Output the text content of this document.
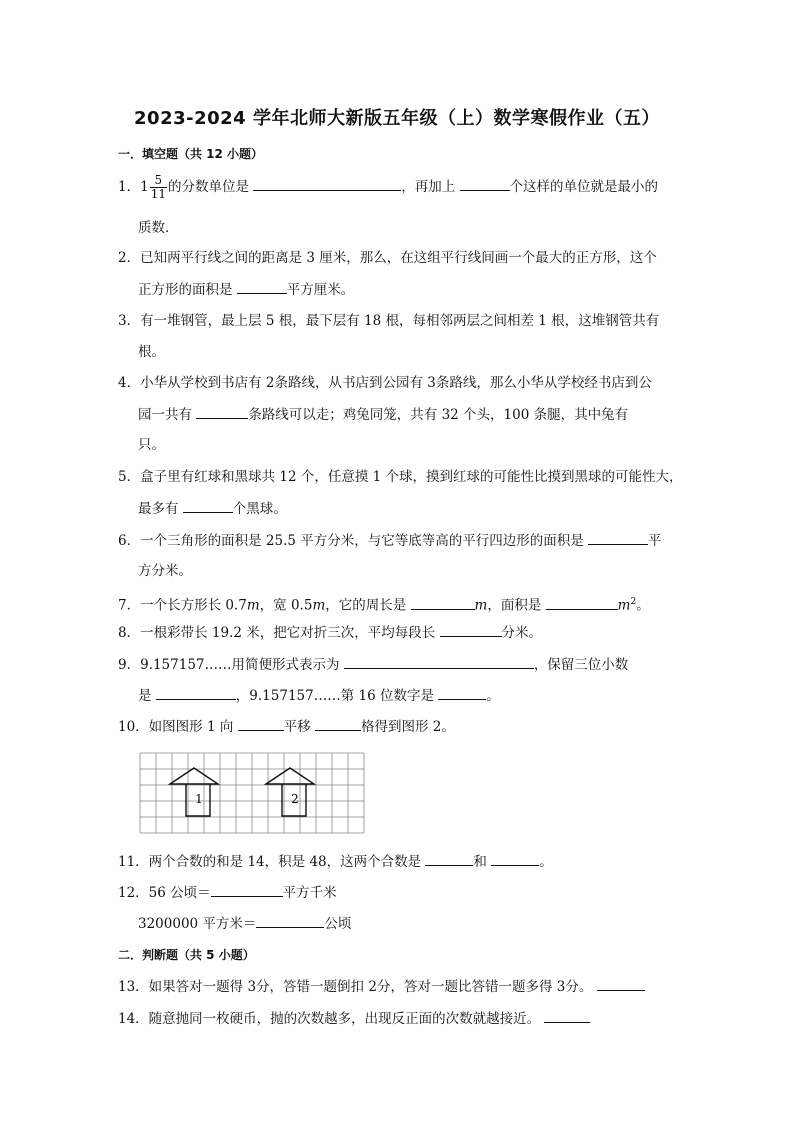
2023-2024 学年北师大新版五年级（上）数学寒假作业（五）
一．填空题（共 12 小题）
1．$1 \frac{5}{11}$ 的分数单位是	，再加上	个这样的单位就是最小的
质数．
2．已知两平行线之间的距离是 3 厘米，那么，在这组平行线间画一个最大的正方形，这个
正方形的面积是	平方厘米。
3．有一堆钢管，最上层 5 根，最下层有 18 根，每相邻两层之间相差 1 根，这堆钢管共有
根。
4．小华从学校到书店有 2条路线，从书店到公园有 3条路线，那么小华从学校经书店到公
园一共有	条路线可以走；鸡兔同笼，共有 32 个头，100 条腿，其中兔有
只。
5．盒子里有红球和黑球共 12 个，任意摸 1 个球，摸到红球的可能性比摸到黑球的可能性大，
最多有	个黑球。
6．一个三角形的面积是 25.5 平方分米，与它等底等高的平行四边形的面积是	平
方分米。
7．一个长方形长 0.7m，宽 0.5m，它的周长是	m，面积是	$m^2$。
8．一根彩带长 19.2 米，把它对折三次，平均每段长	分米。
9．9.157157……用简便形式表示为	，保留三位小数
是	，9.157157……第 16 位数字是	。
10．如图图形 1 向	平移	格得到图形 2。
1	2
11．两个合数的和是 14，积是 48，这两个合数是	和	。
12．56 公顷＝	平方千米
3200000 平方米＝	公顷
二．判断题（共 5 小题）
13．如果答对一题得 3分，答错一题倒扣 2分，答对一题比答错一题多得 3分。
14．随意抛同一枚硬币，抛的次数越多，出现反正面的次数就越接近。
